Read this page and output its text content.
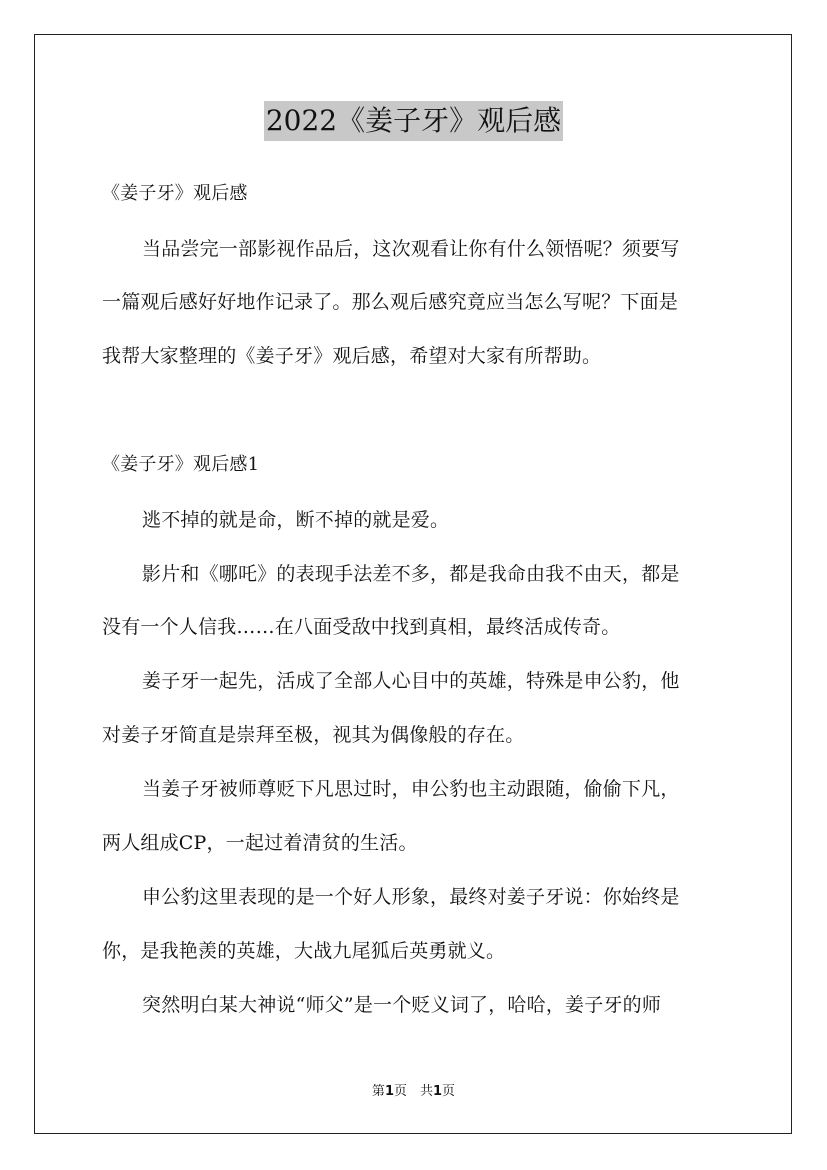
2022《姜子牙》观后感

《姜子牙》观后感

当品尝完一部影视作品后，这次观看让你有什么领悟呢？须要写

一篇观后感好好地作记录了。那么观后感究竟应当怎么写呢？下面是

我帮大家整理的《姜子牙》观后感，希望对大家有所帮助。

《姜子牙》观后感1

逃不掉的就是命，断不掉的就是爱。

影片和《哪吒》的表现手法差不多，都是我命由我不由天，都是

没有一个人信我……在八面受敌中找到真相，最终活成传奇。

姜子牙一起先，活成了全部人心目中的英雄，特殊是申公豹，他

对姜子牙简直是崇拜至极，视其为偶像般的存在。

当姜子牙被师尊贬下凡思过时，申公豹也主动跟随，偷偷下凡，

两人组成CP，一起过着清贫的生活。

申公豹这里表现的是一个好人形象，最终对姜子牙说：你始终是

你，是我艳羡的英雄，大战九尾狐后英勇就义。

突然明白某大神说“师父”是一个贬义词了，哈哈，姜子牙的师

第1页　共1页
